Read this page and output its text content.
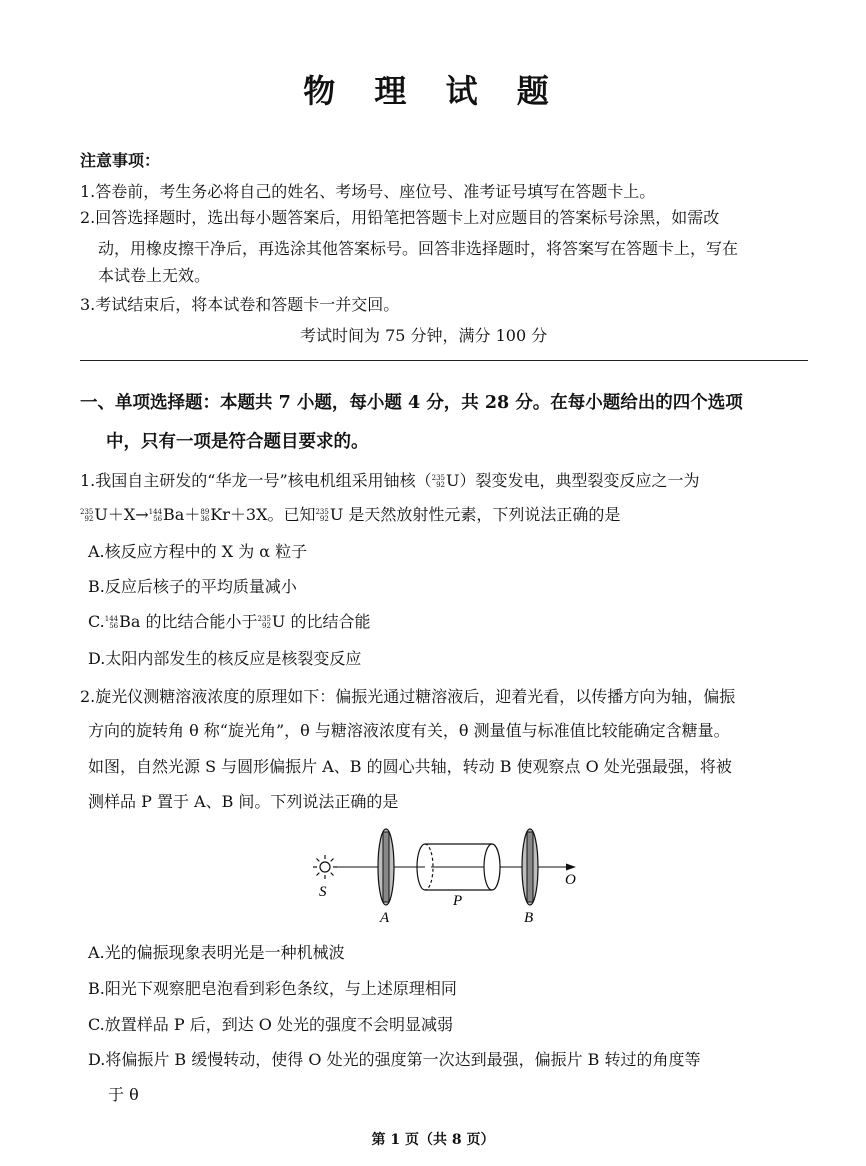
物 理 试 题
注意事项：
1.答卷前，考生务必将自己的姓名、考场号、座位号、准考证号填写在答题卡上。
2.回答选择题时，选出每小题答案后，用铅笔把答题卡上对应题目的答案标号涂黑，如需改
动，用橡皮擦干净后，再选涂其他答案标号。回答非选择题时，将答案写在答题卡上，写在
本试卷上无效。
3.考试结束后，将本试卷和答题卡一并交回。
考试时间为 75 分钟，满分 100 分
一、单项选择题：本题共 7 小题，每小题 4 分，共 28 分。在每小题给出的四个选项
中，只有一项是符合题目要求的。
1.我国自主研发的“华龙一号”核电机组采用铀核（ 235
92 U）裂变发电，典型裂变反应之一为
235
92 U＋X→ 144
56 Ba＋ 89
36 Kr＋3X。已知 235
92 U 是天然放射性元素，下列说法正确的是
A.核反应方程中的 X 为 α 粒子
B.反应后核子的平均质量减小
C. 144
56 Ba 的比结合能小于 235
92 U 的比结合能
D.太阳内部发生的核反应是核裂变反应
2.旋光仪测糖溶液浓度的原理如下：偏振光通过糖溶液后，迎着光看，以传播方向为轴，偏振
方向的旋转角 θ 称“旋光角”，θ 与糖溶液浓度有关，θ 测量值与标准值比较能确定含糖量。
如图，自然光源 S 与圆形偏振片 A、B 的圆心共轴，转动 B 使观察点 O 处光强最强，将被
测样品 P 置于 A、B 间。下列说法正确的是
S
A
P
B
O
A.光的偏振现象表明光是一种机械波
B.阳光下观察肥皂泡看到彩色条纹，与上述原理相同
C.放置样品 P 后，到达 O 处光的强度不会明显减弱
D.将偏振片 B 缓慢转动，使得 O 处光的强度第一次达到最强，偏振片 B 转过的角度等
于 θ
第 1 页（共 8 页）
